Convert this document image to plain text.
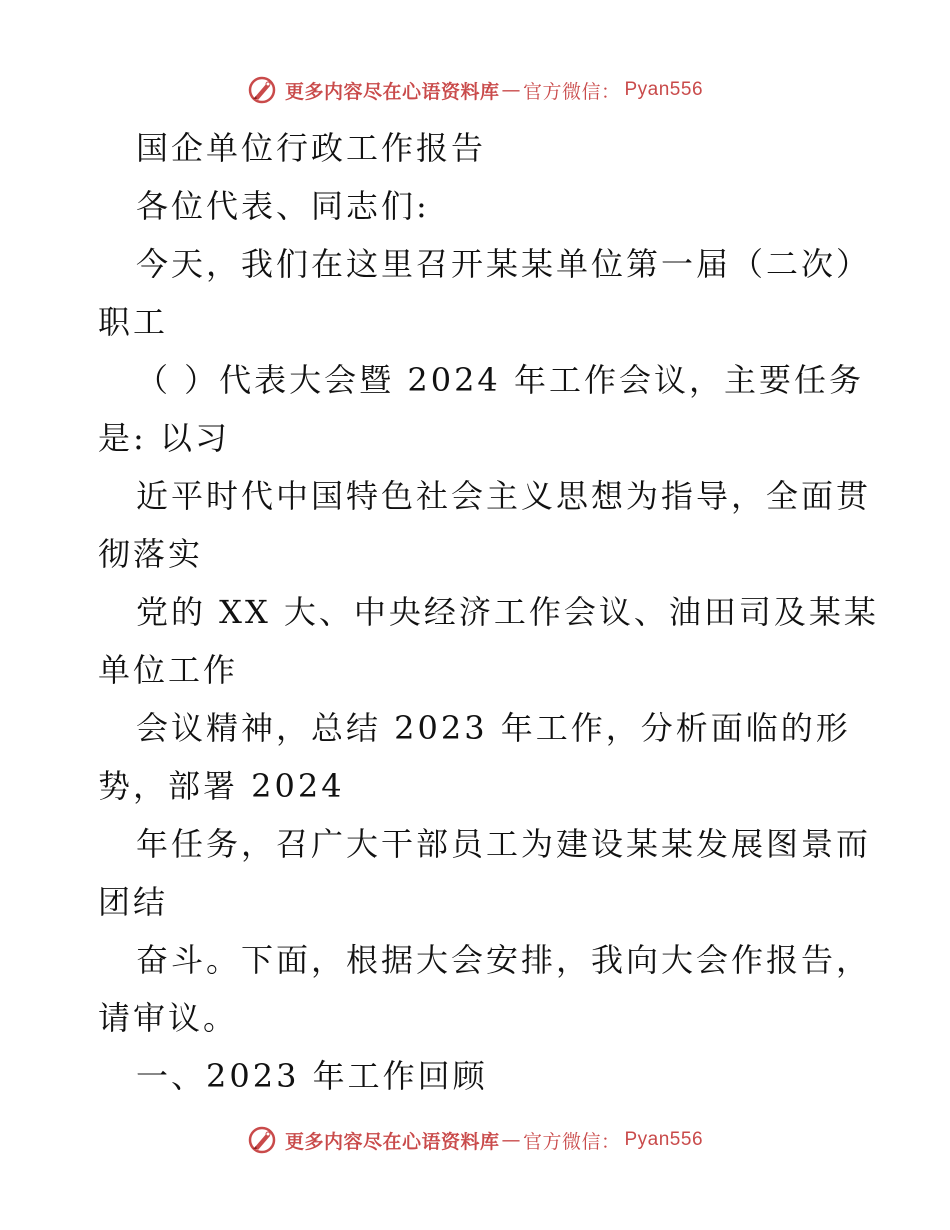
更多内容尽在心语资料库 — 官方微信： Pyan556
国企单位行政工作报告
各位代表、同志们:
今天，我们在这里召开某某单位第一届（二次）
职工
（ ）代表大会暨 2024 年工作会议，主要任务
是: 以习
近平时代中国特色社会主义思想为指导，全面贯
彻落实
党的 XX 大、中央经济工作会议、油田司及某某
单位工作
会议精神，总结 2023 年工作，分析面临的形
势，部署 2024
年任务，召广大干部员工为建设某某发展图景而
团结
奋斗。下面，根据大会安排，我向大会作报告，
请审议。
一、2023 年工作回顾
更多内容尽在心语资料库 — 官方微信： Pyan556
